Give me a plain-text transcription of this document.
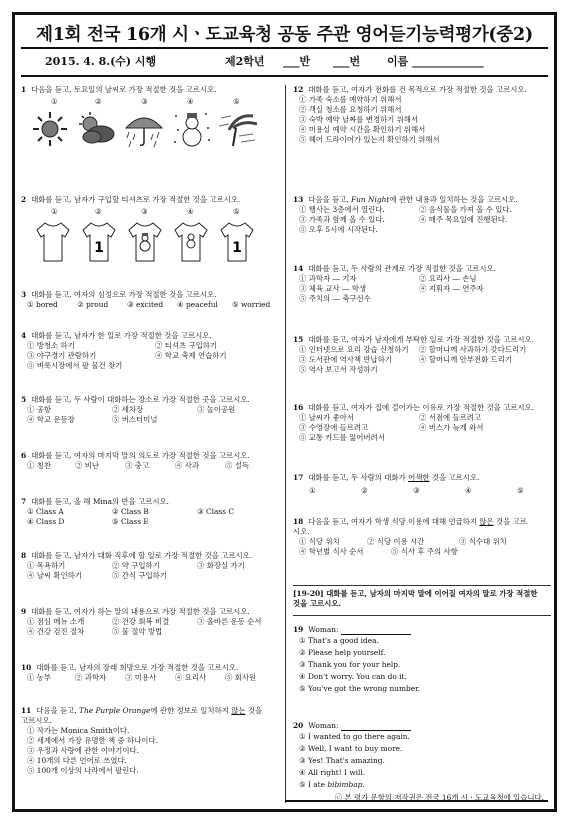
제1회 전국 16개 시ㆍ도교육청 공동 주관 영어듣기능력평가(중2)
2015. 4. 8.(수) 시행	제2학년 ___반 ___번 이름 _____________
1 다음을 듣고, 토요일의 날씨로 가장 적절한 것을 고르시오.
①	②	③	④	⑤
2 대화를 듣고, 남자가 구입할 티셔츠로 가장 적절한 것을 고르시오.
①	②	③	④	⑤
1	1
3 대화를 듣고, 여자의 심정으로 가장 적절한 것을 고르시오.
① bored	② proud	③ excited ④ peaceful ⑤ worried
4 대화를 듣고, 남자가 한 일로 가장 적절한 것을 고르시오.
① 방청소 하기	② 티셔츠 구입하기
③ 야구경기 관람하기	④ 학교 축제 연습하기
⑤ 벼룩시장에서 팔 물건 찾기
5 대화를 듣고, 두 사람이 대화하는 장소로 가장 적절한 곳을 고르시오.
① 공항	② 세차장	③ 놀이공원
④ 학교 운동장	⑤ 버스터미널
6 대화를 듣고, 여자의 마지막 말의 의도로 가장 적절한 것을 고르시오.
① 칭찬	② 비난	③ 충고	④ 사과	⑤ 설득
7 대화를 듣고, 올 해 Mina의 반을 고르시오.
① Class A	② Class B	③ Class C
④ Class D	⑤ Class E
8 대화를 듣고, 남자가 대화 직후에 할 일로 가장 적절한 것을 고르시오.
① 목욕하기	② 약 구입하기	③ 화장실 가기
④ 날씨 확인하기	⑤ 간식 구입하기
9 대화를 듣고, 여자가 하는 말의 내용으로 가장 적절한 것을 고르시오.
① 점심 메뉴 소개	② 건강 회복 비결	③ 올바른 운동 순서
④ 건강 검진 절차	⑤ 물 절약 방법
10 대화를 듣고, 남자의 장래 희망으로 가장 적절한 것을 고르시오.
① 농부	② 과학자	③ 미용사	④ 요리사	⑤ 회사원
11 다음을 듣고, The Purple Orange에 관한 정보로 일치하지 않는 것을
고르시오.
① 작가는 Monica Smith이다.
② 세계에서 가장 유명한 책 중 하나이다.
③ 우정과 사랑에 관한 이야기이다.
④ 10개의 다른 언어로 쓰였다.
⑤ 100개 이상의 나라에서 팔린다.
12 대화를 듣고, 여자가 전화를 건 목적으로 가장 적절한 것을 고르시오.
① 가족 숙소를 예약하기 위해서
② 객실 청소를 요청하기 위해서
③ 숙박 예약 날짜를 변경하기 위해서
④ 미용실 예약 시간을 확인하기 위해서
⑤ 헤어 드라이어가 있는지 확인하기 위해서
13 다음을 듣고, Fun Night에 관한 내용과 일치하는 것을 고르시오.
① 행사는 3층에서 열린다.	② 음식물을 가져 올 수 있다.
③ 가족과 함께 올 수 있다.	④ 매주 목요일에 진행된다.
⑤ 오후 5시에 시작된다.
14 대화를 듣고, 두 사람의 관계로 가장 적절한 것을 고르시오.
① 과학자 ― 기자	② 요리사 ― 손님
③ 체육 교사 ― 학생	④ 지휘자 ― 연주자
⑤ 주치의 ― 축구선수
15 대화를 듣고, 여자가 남자에게 부탁한 일로 가장 적절한 것을 고르시오.
① 인터넷으로 요리 강습 신청하기 ② 할머니께 사과하기 갖다드리기
③ 도서관에 역사책 반납하기	④ 할머니께 안부전화 드리기
⑤ 역사 보고서 작성하기
16 대화를 듣고, 여자가 집에 걸어가는 이유로 가장 적절한 것을 고르시오.
① 날씨가 좋아서	② 서점에 들르려고
③ 수영장에 들르려고	④ 버스가 늦게 와서
⑤ 교통 카드를 잃어버려서
17 대화를 듣고, 두 사람의 대화가 어색한 것을 고르시오.
①	②	③	④	⑤
18 다음을 듣고, 여자가 학생 식당 이용에 대해 언급하지 않은 것을 고르
시오.
① 식당 위치	② 식당 이용 시간	③ 식수대 위치
④ 학년별 식사 순서	⑤ 식사 후 주의 사항
[19-20] 대화를 듣고, 남자의 마지막 말에 이어질 여자의 말로 가장 적절한
것을 고르시오.
19 Woman:
① That's a good idea.
② Please help yourself.
③ Thank you for your help.
④ Don't worry. You can do it.
⑤ You've got the wrong number.
20 Woman:
① I wanted to go there again.
② Well, I want to buy more.
③ Yes! That's amazing.
④ All right! I will.
⑤ I ate bibimbap.
ⓒ 본 평가 문항의 저작권은 전국 16개 시ㆍ도교육청에 있습니다.
